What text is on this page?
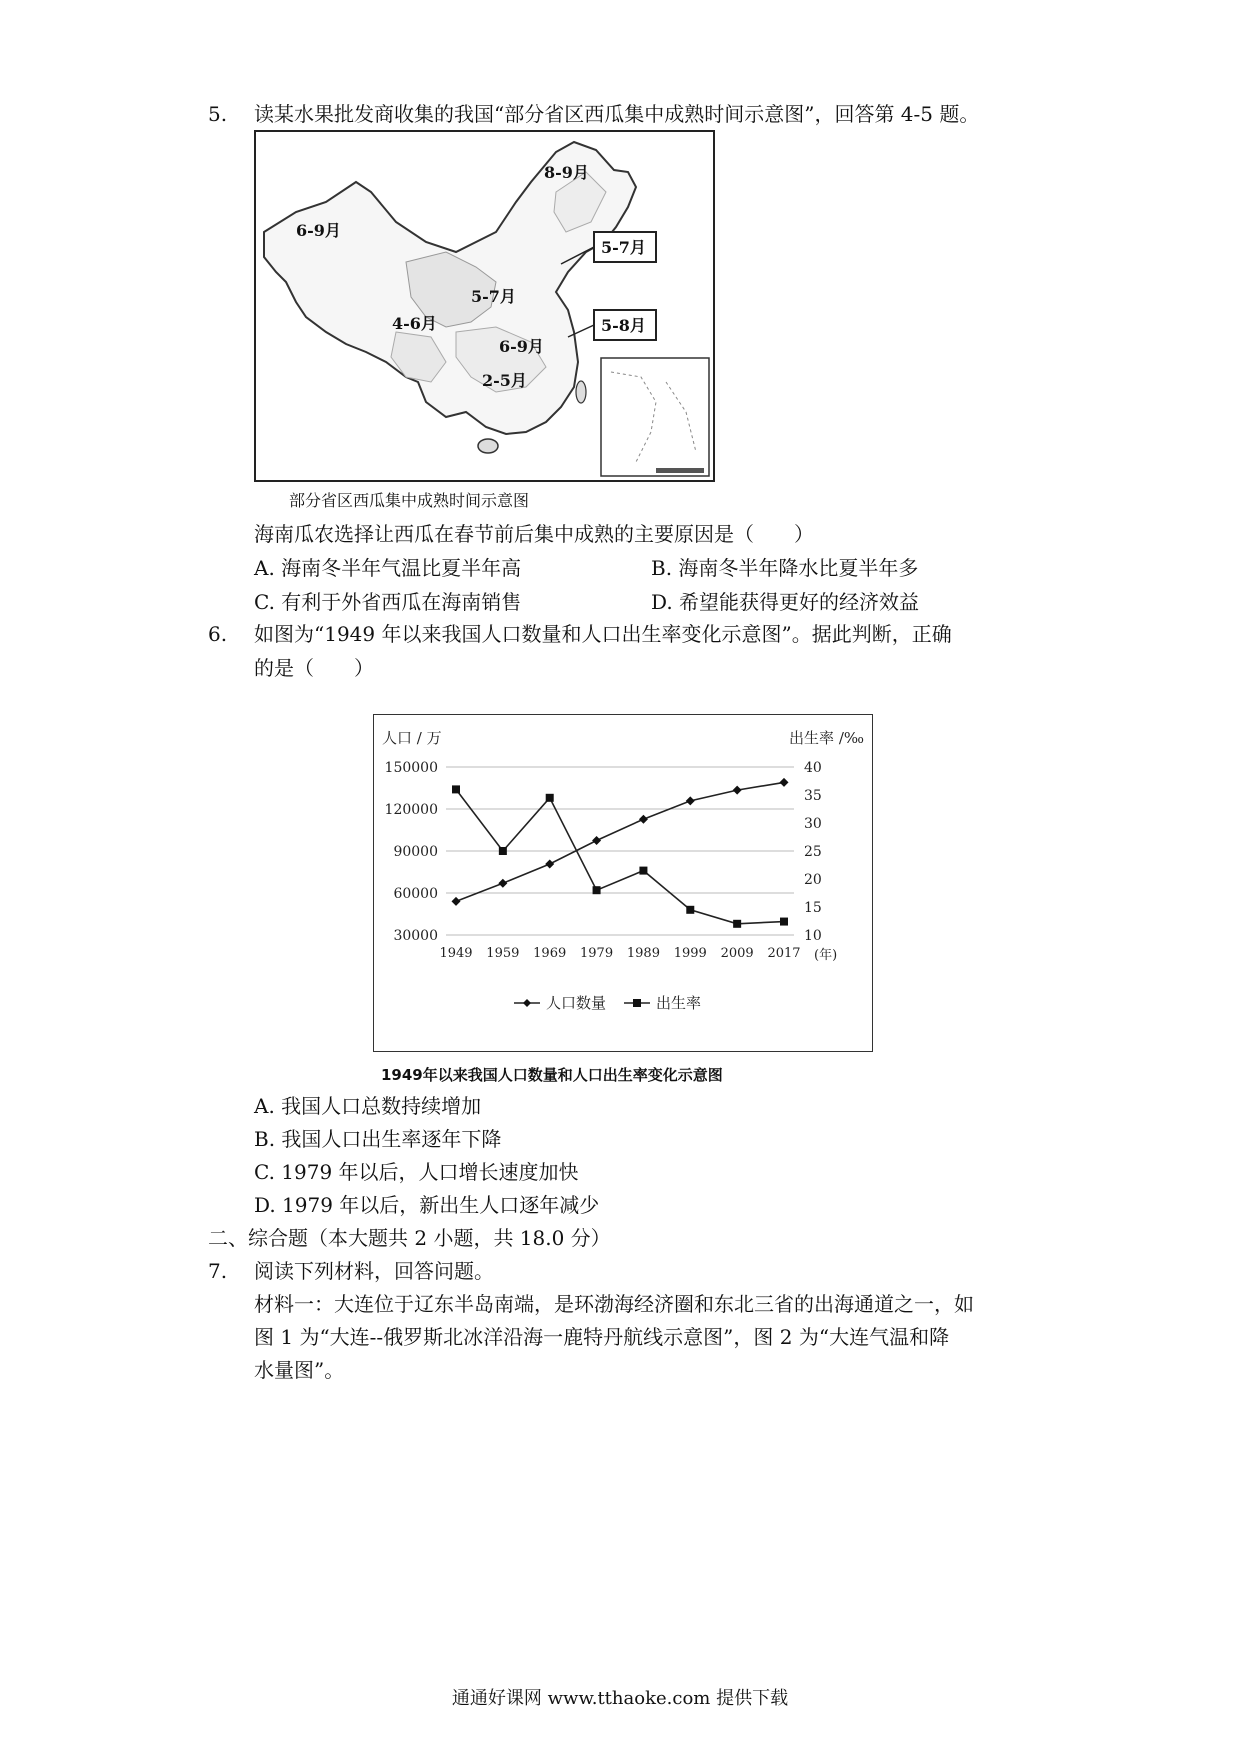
5. 读某水果批发商收集的我国“部分省区西瓜集中成熟时间示意图”，回答第 4-5 题。
8-9月
6-9月
5-7月
5-8月
5-7月
4-6月
6-9月
2-5月
部分省区西瓜集中成熟时间示意图
海南瓜农选择让西瓜在春节前后集中成熟的主要原因是（　　）
A. 海南冬半年气温比夏半年高	B. 海南冬半年降水比夏半年多
C. 有利于外省西瓜在海南销售	D. 希望能获得更好的经济效益
6. 如图为“1949 年以来我国人口数量和人口出生率变化示意图”。据此判断，正确
的是（　　）
人口 / 万	出生率 /‰
30000
60000
90000
120000
150000
10
15
20
25
30
35
40
1949 1959 1969 1979 1989 1999 2009 2017 (年)
人口数量	出生率
1949年以来我国人口数量和人口出生率变化示意图
A. 我国人口总数持续增加
B. 我国人口出生率逐年下降
C. 1979 年以后，人口增长速度加快
D. 1979 年以后，新出生人口逐年减少
二、综合题（本大题共 2 小题，共 18.0 分）
7. 阅读下列材料，回答问题。
材料一：大连位于辽东半岛南端，是环渤海经济圈和东北三省的出海通道之一，如
图 1 为“大连--俄罗斯北冰洋沿海一鹿特丹航线示意图”，图 2 为“大连气温和降
水量图”。
通通好课网 www.tthaoke.com 提供下载
